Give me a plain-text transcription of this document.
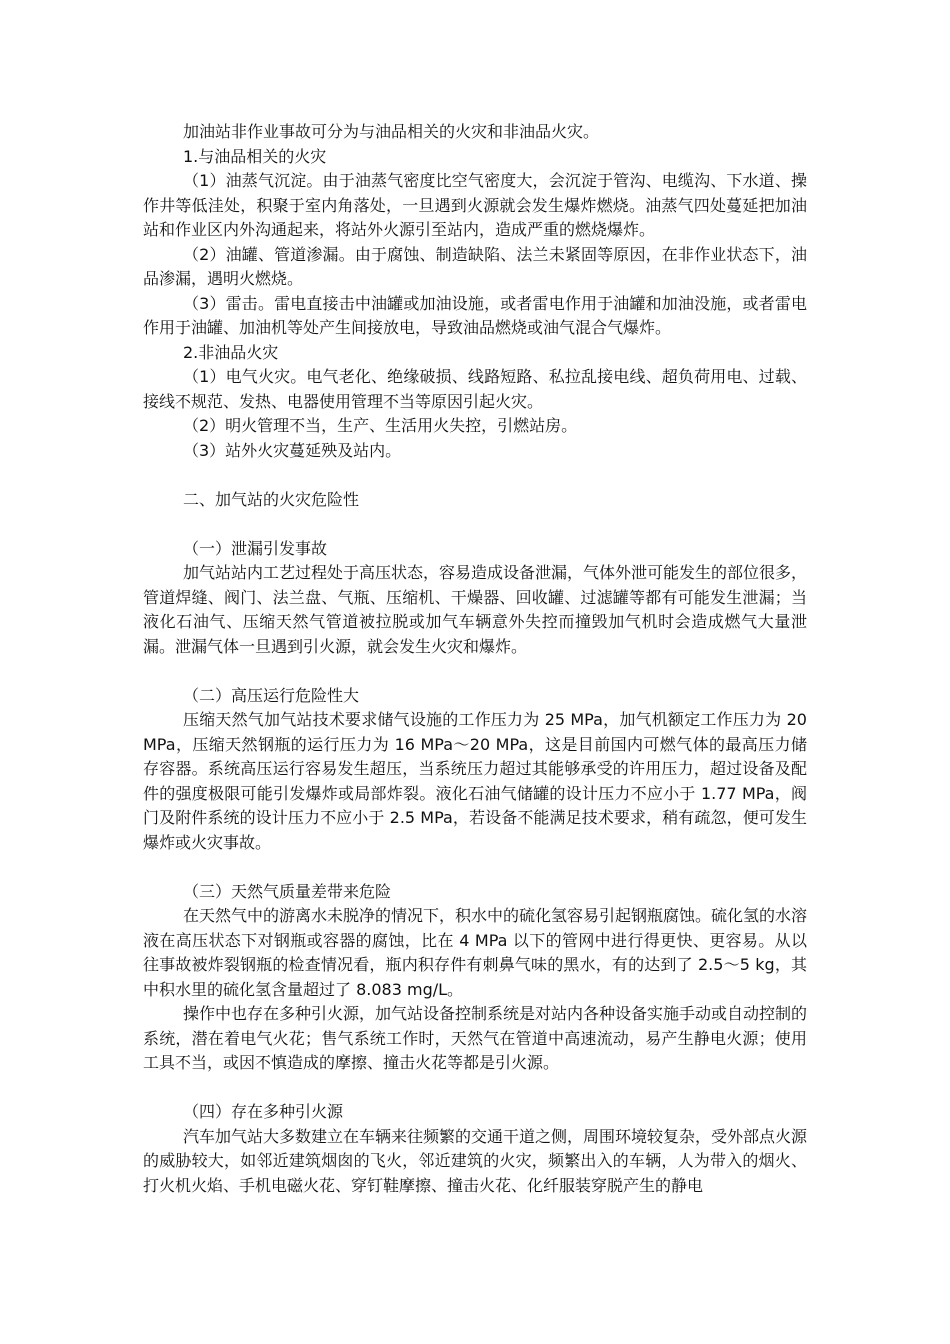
加油站非作业事故可分为与油品相关的火灾和非油品火灾。

1.与油品相关的火灾

（1）油蒸气沉淀。由于油蒸气密度比空气密度大，会沉淀于管沟、电缆沟、下水道、操作井等低洼处，积聚于室内角落处，一旦遇到火源就会发生爆炸燃烧。油蒸气四处蔓延把加油站和作业区内外沟通起来，将站外火源引至站内，造成严重的燃烧爆炸。

（2）油罐、管道渗漏。由于腐蚀、制造缺陷、法兰未紧固等原因，在非作业状态下，油品渗漏，遇明火燃烧。

（3）雷击。雷电直接击中油罐或加油设施，或者雷电作用于油罐和加油没施，或者雷电作用于油罐、加油机等处产生间接放电，导致油品燃烧或油气混合气爆炸。

2.非油品火灾

（1）电气火灾。电气老化、绝缘破损、线路短路、私拉乱接电线、超负荷用电、过载、接线不规范、发热、电器使用管理不当等原因引起火灾。

（2）明火管理不当，生产、生活用火失控，引燃站房。

（3）站外火灾蔓延殃及站内。

二、加气站的火灾危险性

（一）泄漏引发事故

加气站站内工艺过程处于高压状态，容易造成设备泄漏，气体外泄可能发生的部位很多，管道焊缝、阀门、法兰盘、气瓶、压缩机、干燥器、回收罐、过滤罐等都有可能发生泄漏；当液化石油气、压缩天然气管道被拉脱或加气车辆意外失控而撞毁加气机时会造成燃气大量泄漏。泄漏气体一旦遇到引火源，就会发生火灾和爆炸。

（二）高压运行危险性大

压缩天然气加气站技术要求储气设施的工作压力为 25 MPa，加气机额定工作压力为 20 MPa，压缩天然钢瓶的运行压力为 16 MPa～20 MPa，这是目前国内可燃气体的最高压力储存容器。系统高压运行容易发生超压，当系统压力超过其能够承受的许用压力，超过设备及配件的强度极限可能引发爆炸或局部炸裂。液化石油气储罐的设计压力不应小于 1.77 MPa，阀门及附件系统的设计压力不应小于 2.5 MPa，若设备不能满足技术要求，稍有疏忽，便可发生爆炸或火灾事故。

（三）天然气质量差带来危险

在天然气中的游离水未脱净的情况下，积水中的硫化氢容易引起钢瓶腐蚀。硫化氢的水溶液在高压状态下对钢瓶或容器的腐蚀，比在 4 MPa 以下的管网中进行得更快、更容易。从以往事故被炸裂钢瓶的检查情况看，瓶内积存件有刺鼻气味的黑水，有的达到了 2.5～5 kg，其中积水里的硫化氢含量超过了 8.083 mg/L。

操作中也存在多种引火源，加气站设备控制系统是对站内各种设备实施手动或自动控制的系统，潜在着电气火花；售气系统工作时，天然气在管道中高速流动，易产生静电火源；使用工具不当，或因不慎造成的摩擦、撞击火花等都是引火源。

（四）存在多种引火源

汽车加气站大多数建立在车辆来往频繁的交通干道之侧，周围环境较复杂，受外部点火源的威胁较大，如邻近建筑烟囱的飞火，邻近建筑的火灾，频繁出入的车辆，人为带入的烟火、打火机火焰、手机电磁火花、穿钉鞋摩擦、撞击火花、化纤服装穿脱产生的静电
